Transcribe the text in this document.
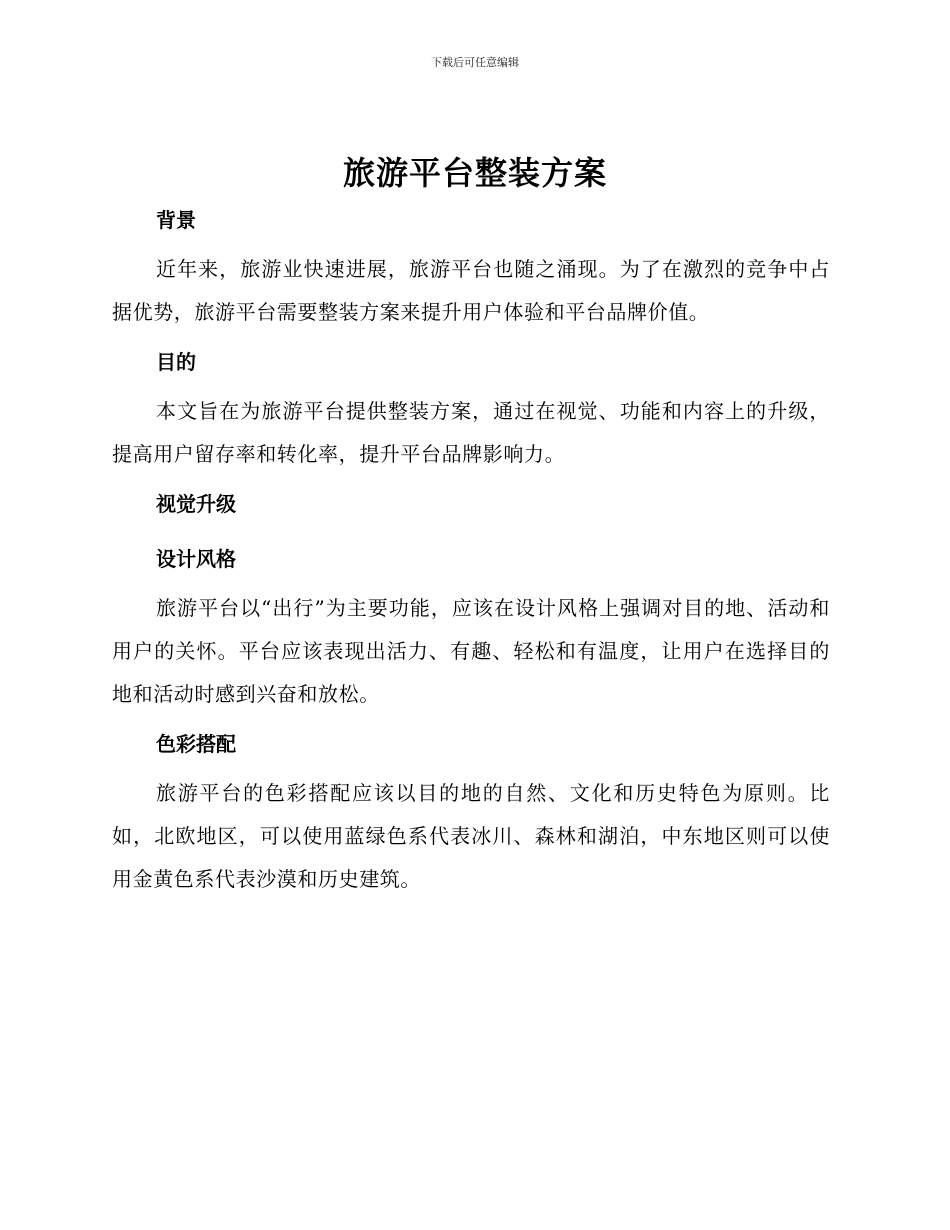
下载后可任意编辑
旅游平台整装方案
背景

近年来，旅游业快速进展，旅游平台也随之涌现。为了在激烈的竞争中占据优势，旅游平台需要整装方案来提升用户体验和平台品牌价值。

目的

本文旨在为旅游平台提供整装方案，通过在视觉、功能和内容上的升级，提高用户留存率和转化率，提升平台品牌影响力。

视觉升级
设计风格

旅游平台以“出行”为主要功能，应该在设计风格上强调对目的地、活动和用户的关怀。平台应该表现出活力、有趣、轻松和有温度，让用户在选择目的地和活动时感到兴奋和放松。

色彩搭配

旅游平台的色彩搭配应该以目的地的自然、文化和历史特色为原则。比如，北欧地区，可以使用蓝绿色系代表冰川、森林和湖泊，中东地区则可以使用金黄色系代表沙漠和历史建筑。
